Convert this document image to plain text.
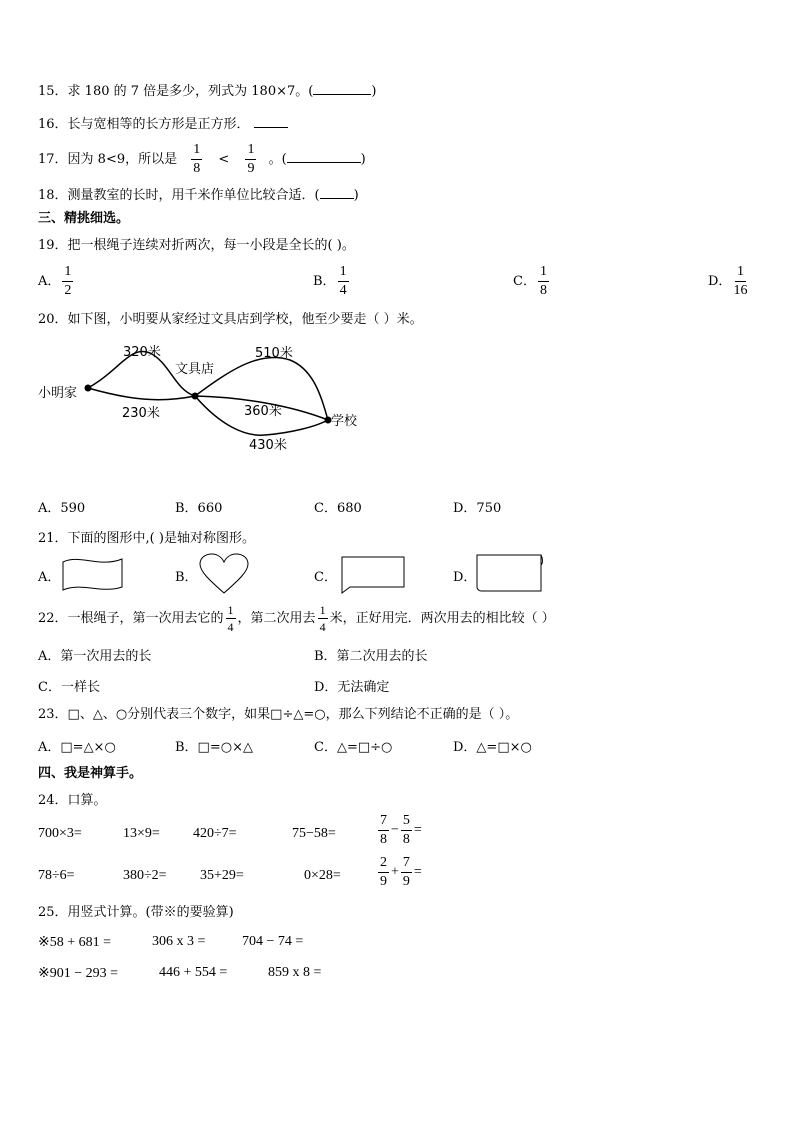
15．求 180 的 7 倍是多少，列式为 180×7。(	)
16．长与宽相等的长方形是正方形．
17．因为 8<9，所以是 $\frac{1}{8} < \frac{1}{9}$ 。(	)
18．测量教室的长时，用千米作单位比较合适．(	)
三、精挑细选。
19．把一根绳子连续对折两次，每一小段是全长的( )。
A． $\frac{1}{2}$	B． $\frac{1}{4}$	C． $\frac{1}{8}$	D． $\frac{1}{16}$
20．如下图，小明要从家经过文具店到学校，他至少要走（ ）米。
小明家
文具店
学校
320米
230米
510米
360米
430米
A．590	B．660	C．680	D．750
21．下面的图形中,( )是轴对称图形。
A．	B．	C．	D．
22．一根绳子，第一次用去它的 $\frac{1}{4}$ ，第二次用去 $\frac{1}{4}$ 米，正好用完．两次用去的相比较（ ）
A．第一次用去的长	B．第二次用去的长
C．一样长	D．无法确定
23．□、△、○分别代表三个数字，如果□÷△=○，那么下列结论不正确的是（ ）。
A．□=△×○	B．□=○×△	C．△=□÷○	D．△=□×○
四、我是神算手。
24．口算。
700×3=	13×9= 420÷7=	75−58=	$\frac{7}{8} - \frac{5}{8}$ =
78÷6=	380÷2= 35+29=	0×28=	$\frac{2}{9} + \frac{7}{9}$ =
25．用竖式计算。(带※的要验算)
※58 + 681 =	306 x 3 =	704 − 74 =
※901 − 293 =	446 + 554 =	859 x 8 =
